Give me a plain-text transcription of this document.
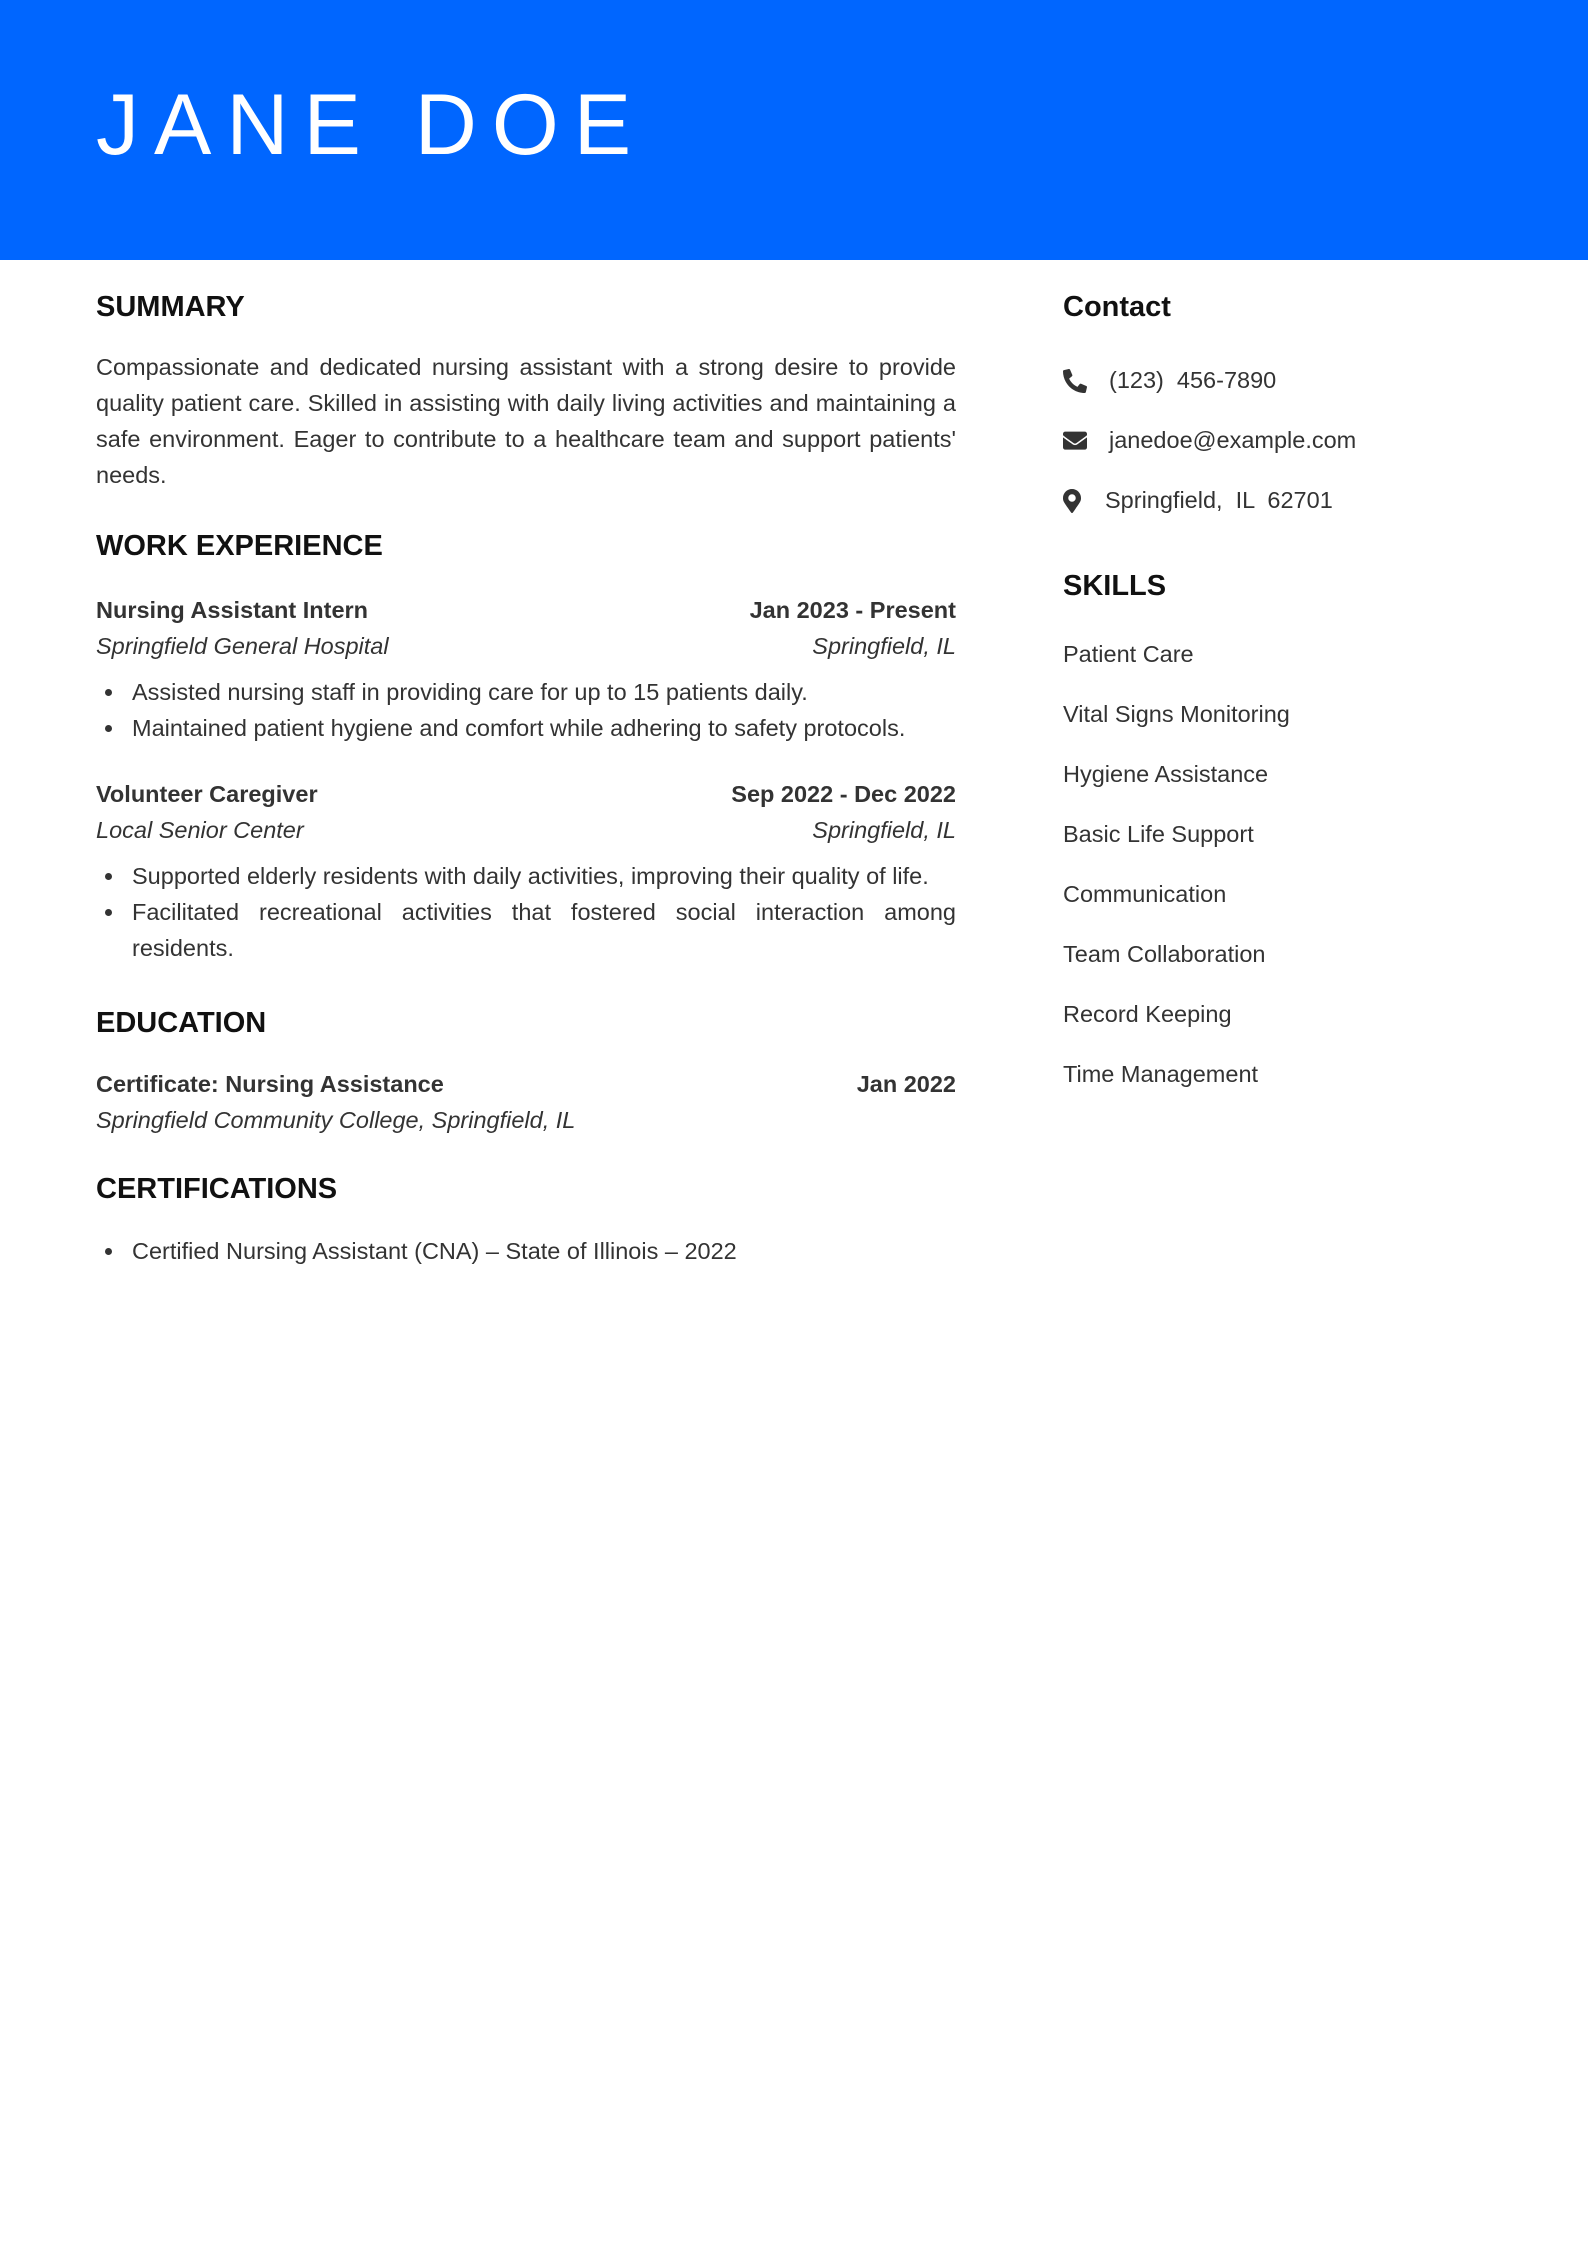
JANE DOE
SUMMARY

Compassionate and dedicated nursing assistant with a strong desire to provide quality patient care. Skilled in assisting with daily living activities and maintaining a safe environment. Eager to contribute to a healthcare team and support patients' needs.

WORK EXPERIENCE
Nursing Assistant Intern	Jan 2023 - Present
Springfield General Hospital	Springfield, IL
Assisted nursing staff in providing care for up to 15 patients daily.
Maintained patient hygiene and comfort while adhering to safety protocols.
Volunteer Caregiver	Sep 2022 - Dec 2022
Local Senior Center	Springfield, IL
Supported elderly residents with daily activities, improving their quality of life.
Facilitated recreational activities that fostered social interaction among residents.
EDUCATION
Certificate: Nursing Assistance	Jan 2022
Springfield Community College, Springfield, IL
CERTIFICATIONS
Certified Nursing Assistant (CNA) – State of Illinois – 2022
Contact
(123)  456-7890
janedoe@example.com
Springfield,  IL  62701
SKILLS
Patient Care
Vital Signs Monitoring
Hygiene Assistance
Basic Life Support
Communication
Team Collaboration
Record Keeping
Time Management
